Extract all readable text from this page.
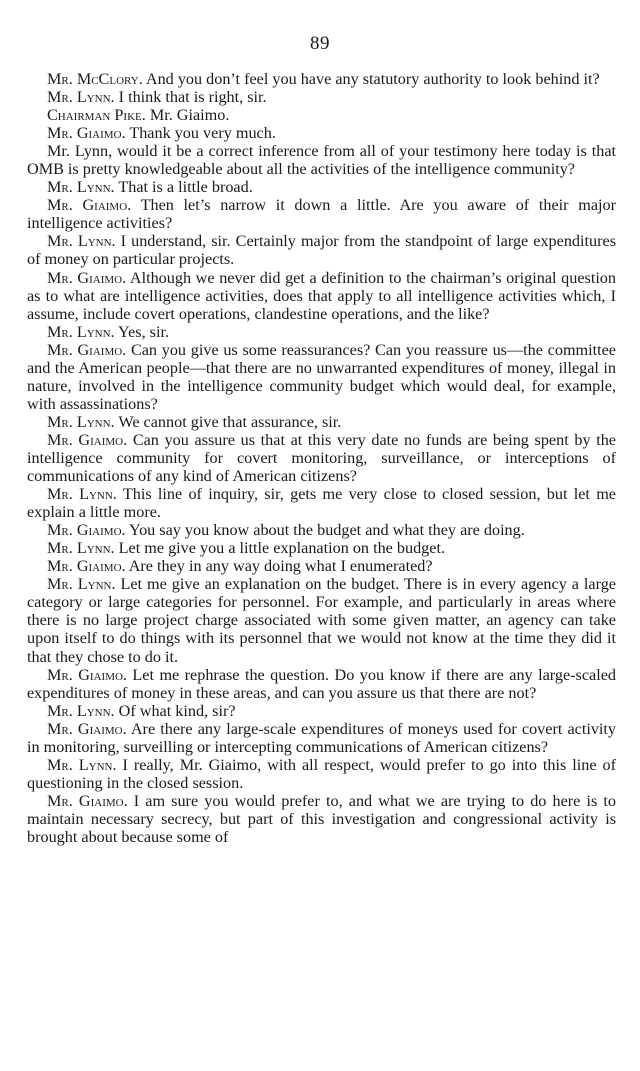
89

Mr. McClory. And you don’t feel you have any statutory authority to look behind it?

Mr. Lynn. I think that is right, sir.

Chairman Pike. Mr. Giaimo.

Mr. Giaimo. Thank you very much.

Mr. Lynn, would it be a correct inference from all of your testimony here today is that OMB is pretty knowledgeable about all the activities of the intelligence community?

Mr. Lynn. That is a little broad.

Mr. Giaimo. Then let’s narrow it down a little. Are you aware of their major intelligence activities?

Mr. Lynn. I understand, sir. Certainly major from the standpoint of large expenditures of money on particular projects.

Mr. Giaimo. Although we never did get a definition to the chairman’s original question as to what are intelligence activities, does that apply to all intelligence activities which, I assume, include covert operations, clandestine operations, and the like?

Mr. Lynn. Yes, sir.

Mr. Giaimo. Can you give us some reassurances? Can you reassure us—the committee and the American people—that there are no unwarranted expenditures of money, illegal in nature, involved in the intelligence community budget which would deal, for example, with assassinations?

Mr. Lynn. We cannot give that assurance, sir.

Mr. Giaimo. Can you assure us that at this very date no funds are being spent by the intelligence community for covert monitoring, surveillance, or interceptions of communications of any kind of American citizens?

Mr. Lynn. This line of inquiry, sir, gets me very close to closed session, but let me explain a little more.

Mr. Giaimo. You say you know about the budget and what they are doing.

Mr. Lynn. Let me give you a little explanation on the budget.

Mr. Giaimo. Are they in any way doing what I enumerated?

Mr. Lynn. Let me give an explanation on the budget. There is in every agency a large category or large categories for personnel. For example, and particularly in areas where there is no large project charge associated with some given matter, an agency can take upon itself to do things with its personnel that we would not know at the time they did it that they chose to do it.

Mr. Giaimo. Let me rephrase the question. Do you know if there are any large-scaled expenditures of money in these areas, and can you assure us that there are not?

Mr. Lynn. Of what kind, sir?

Mr. Giaimo. Are there any large-scale expenditures of moneys used for covert activity in monitoring, surveilling or intercepting communications of American citizens?

Mr. Lynn. I really, Mr. Giaimo, with all respect, would prefer to go into this line of questioning in the closed session.

Mr. Giaimo. I am sure you would prefer to, and what we are trying to do here is to maintain necessary secrecy, but part of this investigation and congressional activity is brought about because some of
